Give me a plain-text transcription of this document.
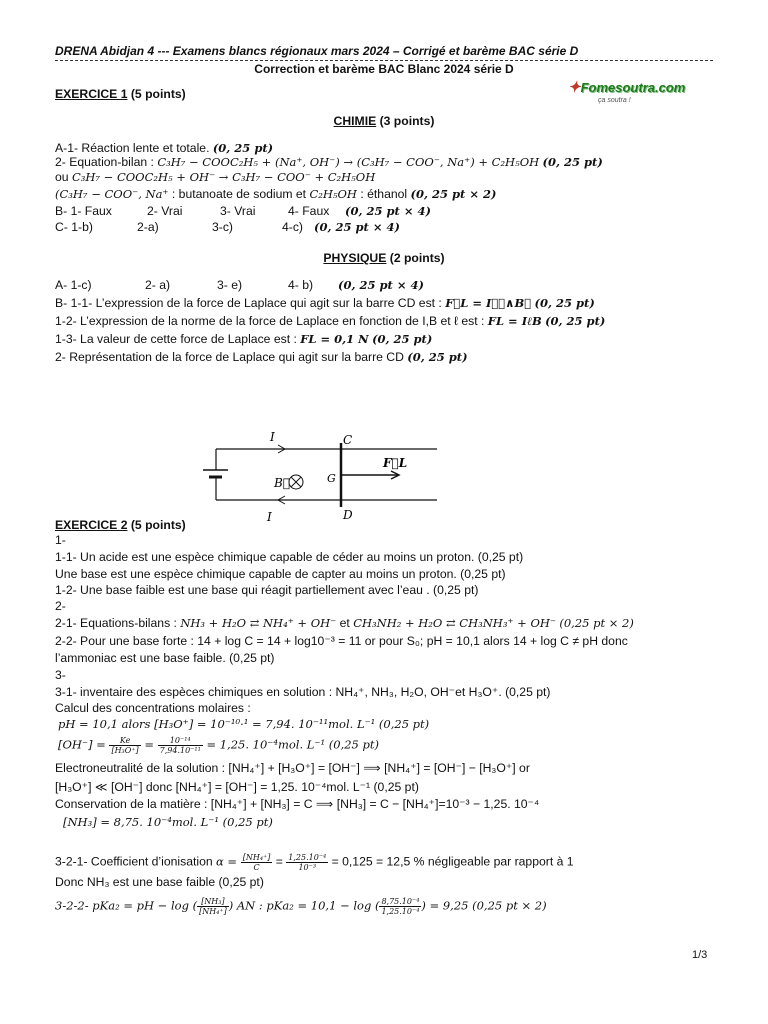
DRENA Abidjan 4 --- Examens blancs régionaux mars 2024 – Corrigé et barème BAC série D
Correction et barème BAC Blanc 2024 série D
✦Fomesoutra.com
ça soutra !
EXERCICE 1 (5 points)
CHIMIE (3 points)
A-1- Réaction lente et totale. (0, 25 pt)
2- Equation-bilan : C₃H₇ − COOC₂H₅ + (Na⁺, OH⁻) → (C₃H₇ − COO⁻, Na⁺) + C₂H₅OH (0, 25 pt)
ou C₃H₇ − COOC₂H₅ + OH⁻ → C₃H₇ − COO⁻ + C₂H₅OH
(C₃H₇ − COO⁻, Na⁺ : butanoate de sodium et C₂H₅OH : éthanol (0, 25 pt × 2)
B- 1- Faux	2- Vrai	3- Vrai	4- Faux (0, 25 pt × 4)
C- 1-b)	2-a)	3-c)	4-c) (0, 25 pt × 4)
PHYSIQUE (2 points)
A- 1-c)	2- a)	3- e)	4- b) (0, 25 pt × 4)
B- 1-1- L’expression de la force de Laplace qui agit sur la barre CD est : F⃗L = Iℓ⃗∧B⃗ (0, 25 pt)
1-2- L’expression de la norme de la force de Laplace en fonction de I,B et ℓ est : FL = IℓB (0, 25 pt)
1-3- La valeur de cette force de Laplace est : FL = 0,1 N (0, 25 pt)
2- Représentation de la force de Laplace qui agit sur la barre CD (0, 25 pt)
I
I
C
D
G
B⃗
F⃗L
EXERCICE 2 (5 points)
1-
1-1- Un acide est une espèce chimique capable de céder au moins un proton. (0,25 pt)
Une base est une espèce chimique capable de capter au moins un proton. (0,25 pt)
1-2- Une base faible est une base qui réagit partiellement avec l’eau . (0,25 pt)
2-
2-1- Equations-bilans : NH₃ + H₂O ⇄ NH₄⁺ + OH⁻ et CH₃NH₂ + H₂O ⇄ CH₃NH₃⁺ + OH⁻ (0,25 pt × 2)
2-2- Pour une base forte : 14 + log C = 14 + log10⁻³ = 11 or pour S₀; pH = 10,1 alors 14 + log C ≠ pH donc
l’ammoniac est une base faible. (0,25 pt)
3-
3-1- inventaire des espèces chimiques en solution : NH₄⁺, NH₃, H₂O, OH⁻et H₃O⁺. (0,25 pt)
Calcul des concentrations molaires :
pH = 10,1 alors [H₃O⁺] = 10⁻¹⁰·¹ = 7,94. 10⁻¹¹mol. L⁻¹ (0,25 pt)
$[OH^-] = \frac{Ke}{\text{[H₃O⁺]}} = \frac{\text{10⁻¹⁴}}{\text{7,94.10⁻¹¹}} = 1,25$. 10⁻⁴mol. L⁻¹ (0,25 pt)
Electroneutralité de la solution : [NH₄⁺] + [H₃O⁺] = [OH⁻] ⟹ [NH₄⁺] = [OH⁻] − [H₃O⁺] or
[H₃O⁺] ≪ [OH⁻] donc [NH₄⁺] = [OH⁻] = 1,25. 10⁻⁴mol. L⁻¹ (0,25 pt)
Conservation de la matière : [NH₄⁺] + [NH₃] = C ⟹ [NH₃] = C − [NH₄⁺]=10⁻³ − 1,25. 10⁻⁴
[NH₃] = 8,75. 10⁻⁴mol. L⁻¹ (0,25 pt)
3-2-1- Coefficient d’ionisation $\alpha = \frac{\text{[NH₄⁺]}}{C} = \frac{\text{1,25.10⁻⁴}}{\text{10⁻³}} = 0,125 = 12,5$ % négligeable par rapport à 1
Donc NH₃ est une base faible (0,25 pt)
3-2-2- pKa₂ = pH − log ( $\frac{\text{[NH₃]}}{\text{[NH₄⁺]}}$ ) AN : pKa₂ = 10,1 − log ( $\frac{\text{8,75.10⁻⁴}}{\text{1,25.10⁻⁴}}$ ) = 9,25 (0,25 pt × 2)
1/3
